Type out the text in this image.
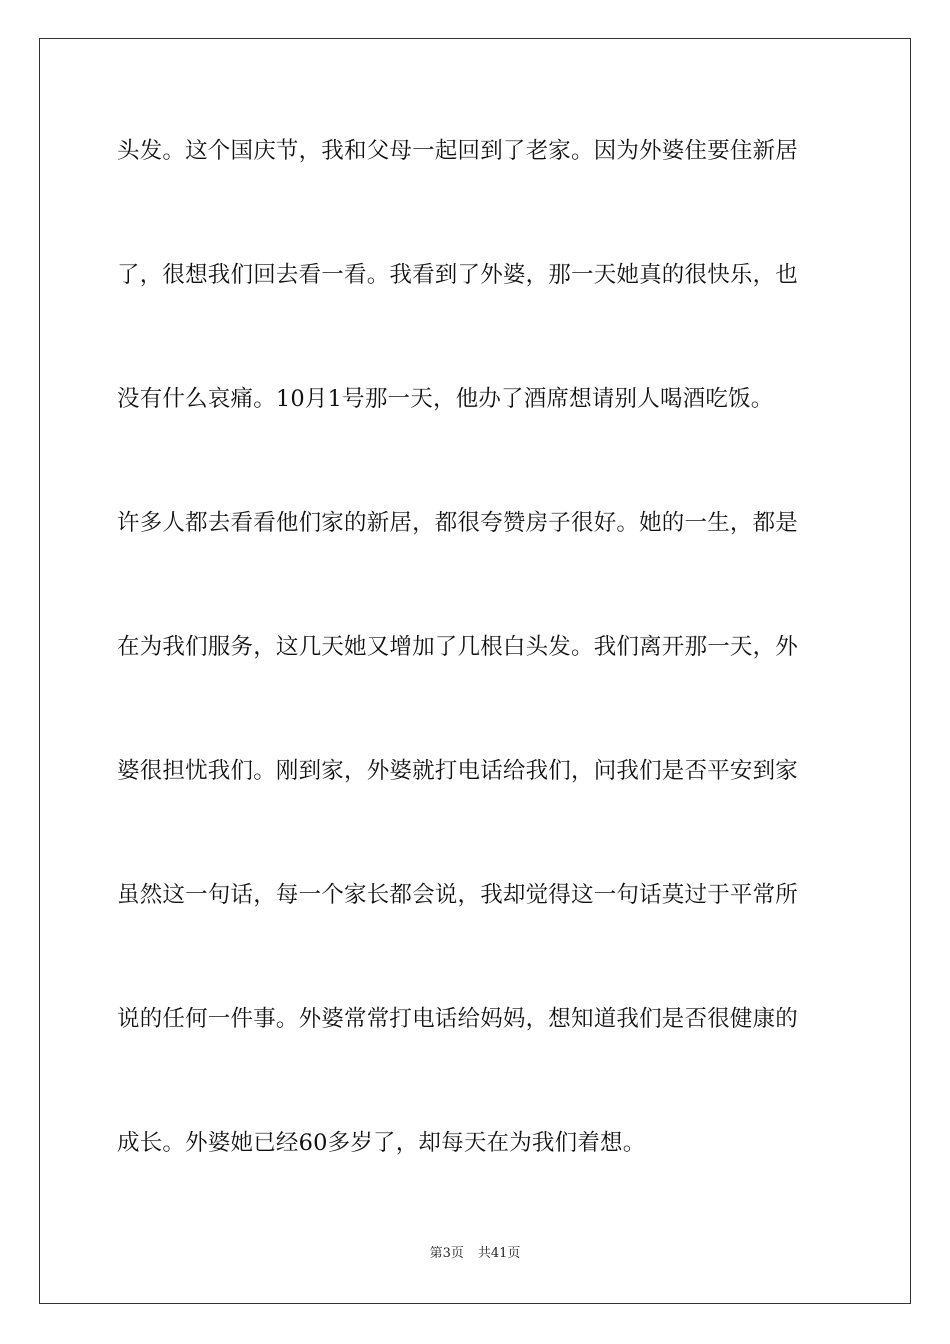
头发。这个国庆节，我和父母一起回到了老家。因为外婆住要住新居
了，很想我们回去看一看。我看到了外婆，那一天她真的很快乐，也
没有什么哀痛。10月1号那一天，他办了酒席想请别人喝酒吃饭。
许多人都去看看他们家的新居，都很夸赞房子很好。她的一生，都是
在为我们服务，这几天她又增加了几根白头发。我们离开那一天，外
婆很担忧我们。刚到家，外婆就打电话给我们，问我们是否平安到家
虽然这一句话，每一个家长都会说，我却觉得这一句话莫过于平常所
说的任何一件事。外婆常常打电话给妈妈，想知道我们是否很健康的
成长。外婆她已经60多岁了，却每天在为我们着想。
第3页 共41页
